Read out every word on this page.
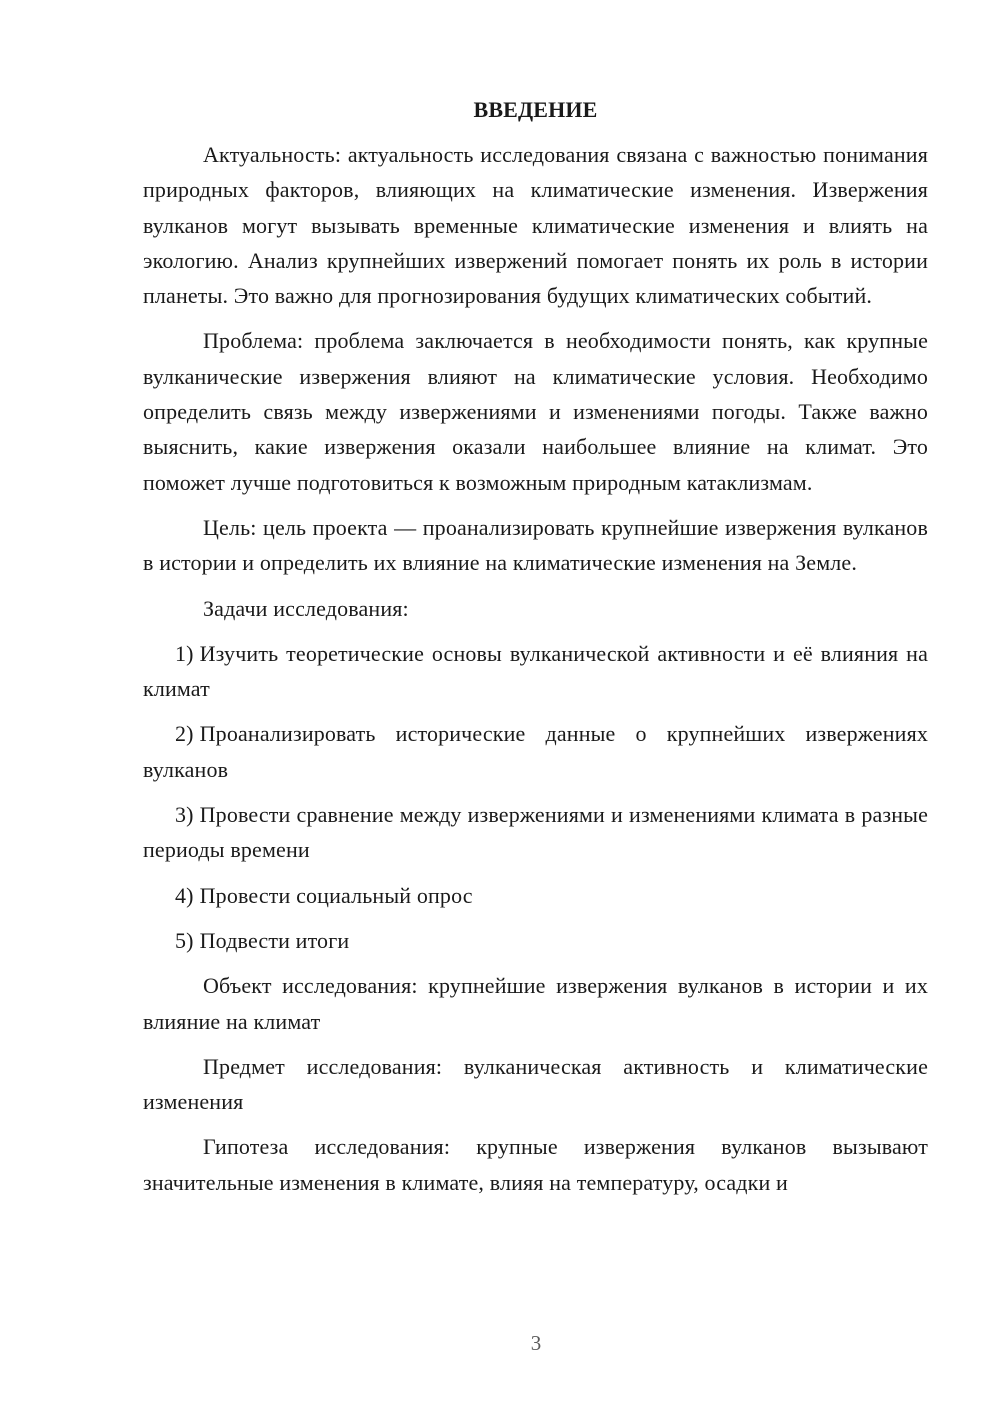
ВВЕДЕНИЕ
Актуальность: актуальность исследования связана с важностью понимания природных факторов, влияющих на климатические изменения. Извержения вулканов могут вызывать временные климатические изменения и влиять на экологию. Анализ крупнейших извержений помогает понять их роль в истории планеты. Это важно для прогнозирования будущих климатических событий.
Проблема: проблема заключается в необходимости понять, как крупные вулканические извержения влияют на климатические условия. Необходимо определить связь между извержениями и изменениями погоды. Также важно выяснить, какие извержения оказали наибольшее влияние на климат. Это поможет лучше подготовиться к возможным природным катаклизмам.
Цель: цель проекта — проанализировать крупнейшие извержения вулканов в истории и определить их влияние на климатические изменения на Земле.
Задачи исследования:
1) Изучить теоретические основы вулканической активности и её влияния на климат
2) Проанализировать исторические данные о крупнейших извержениях вулканов
3) Провести сравнение между извержениями и изменениями климата в разные периоды времени
4) Провести социальный опрос
5) Подвести итоги
Объект исследования: крупнейшие извержения вулканов в истории и их влияние на климат
Предмет исследования: вулканическая активность и климатические изменения
Гипотеза исследования: крупные извержения вулканов вызывают значительные изменения в климате, влияя на температуру, осадки и
3
